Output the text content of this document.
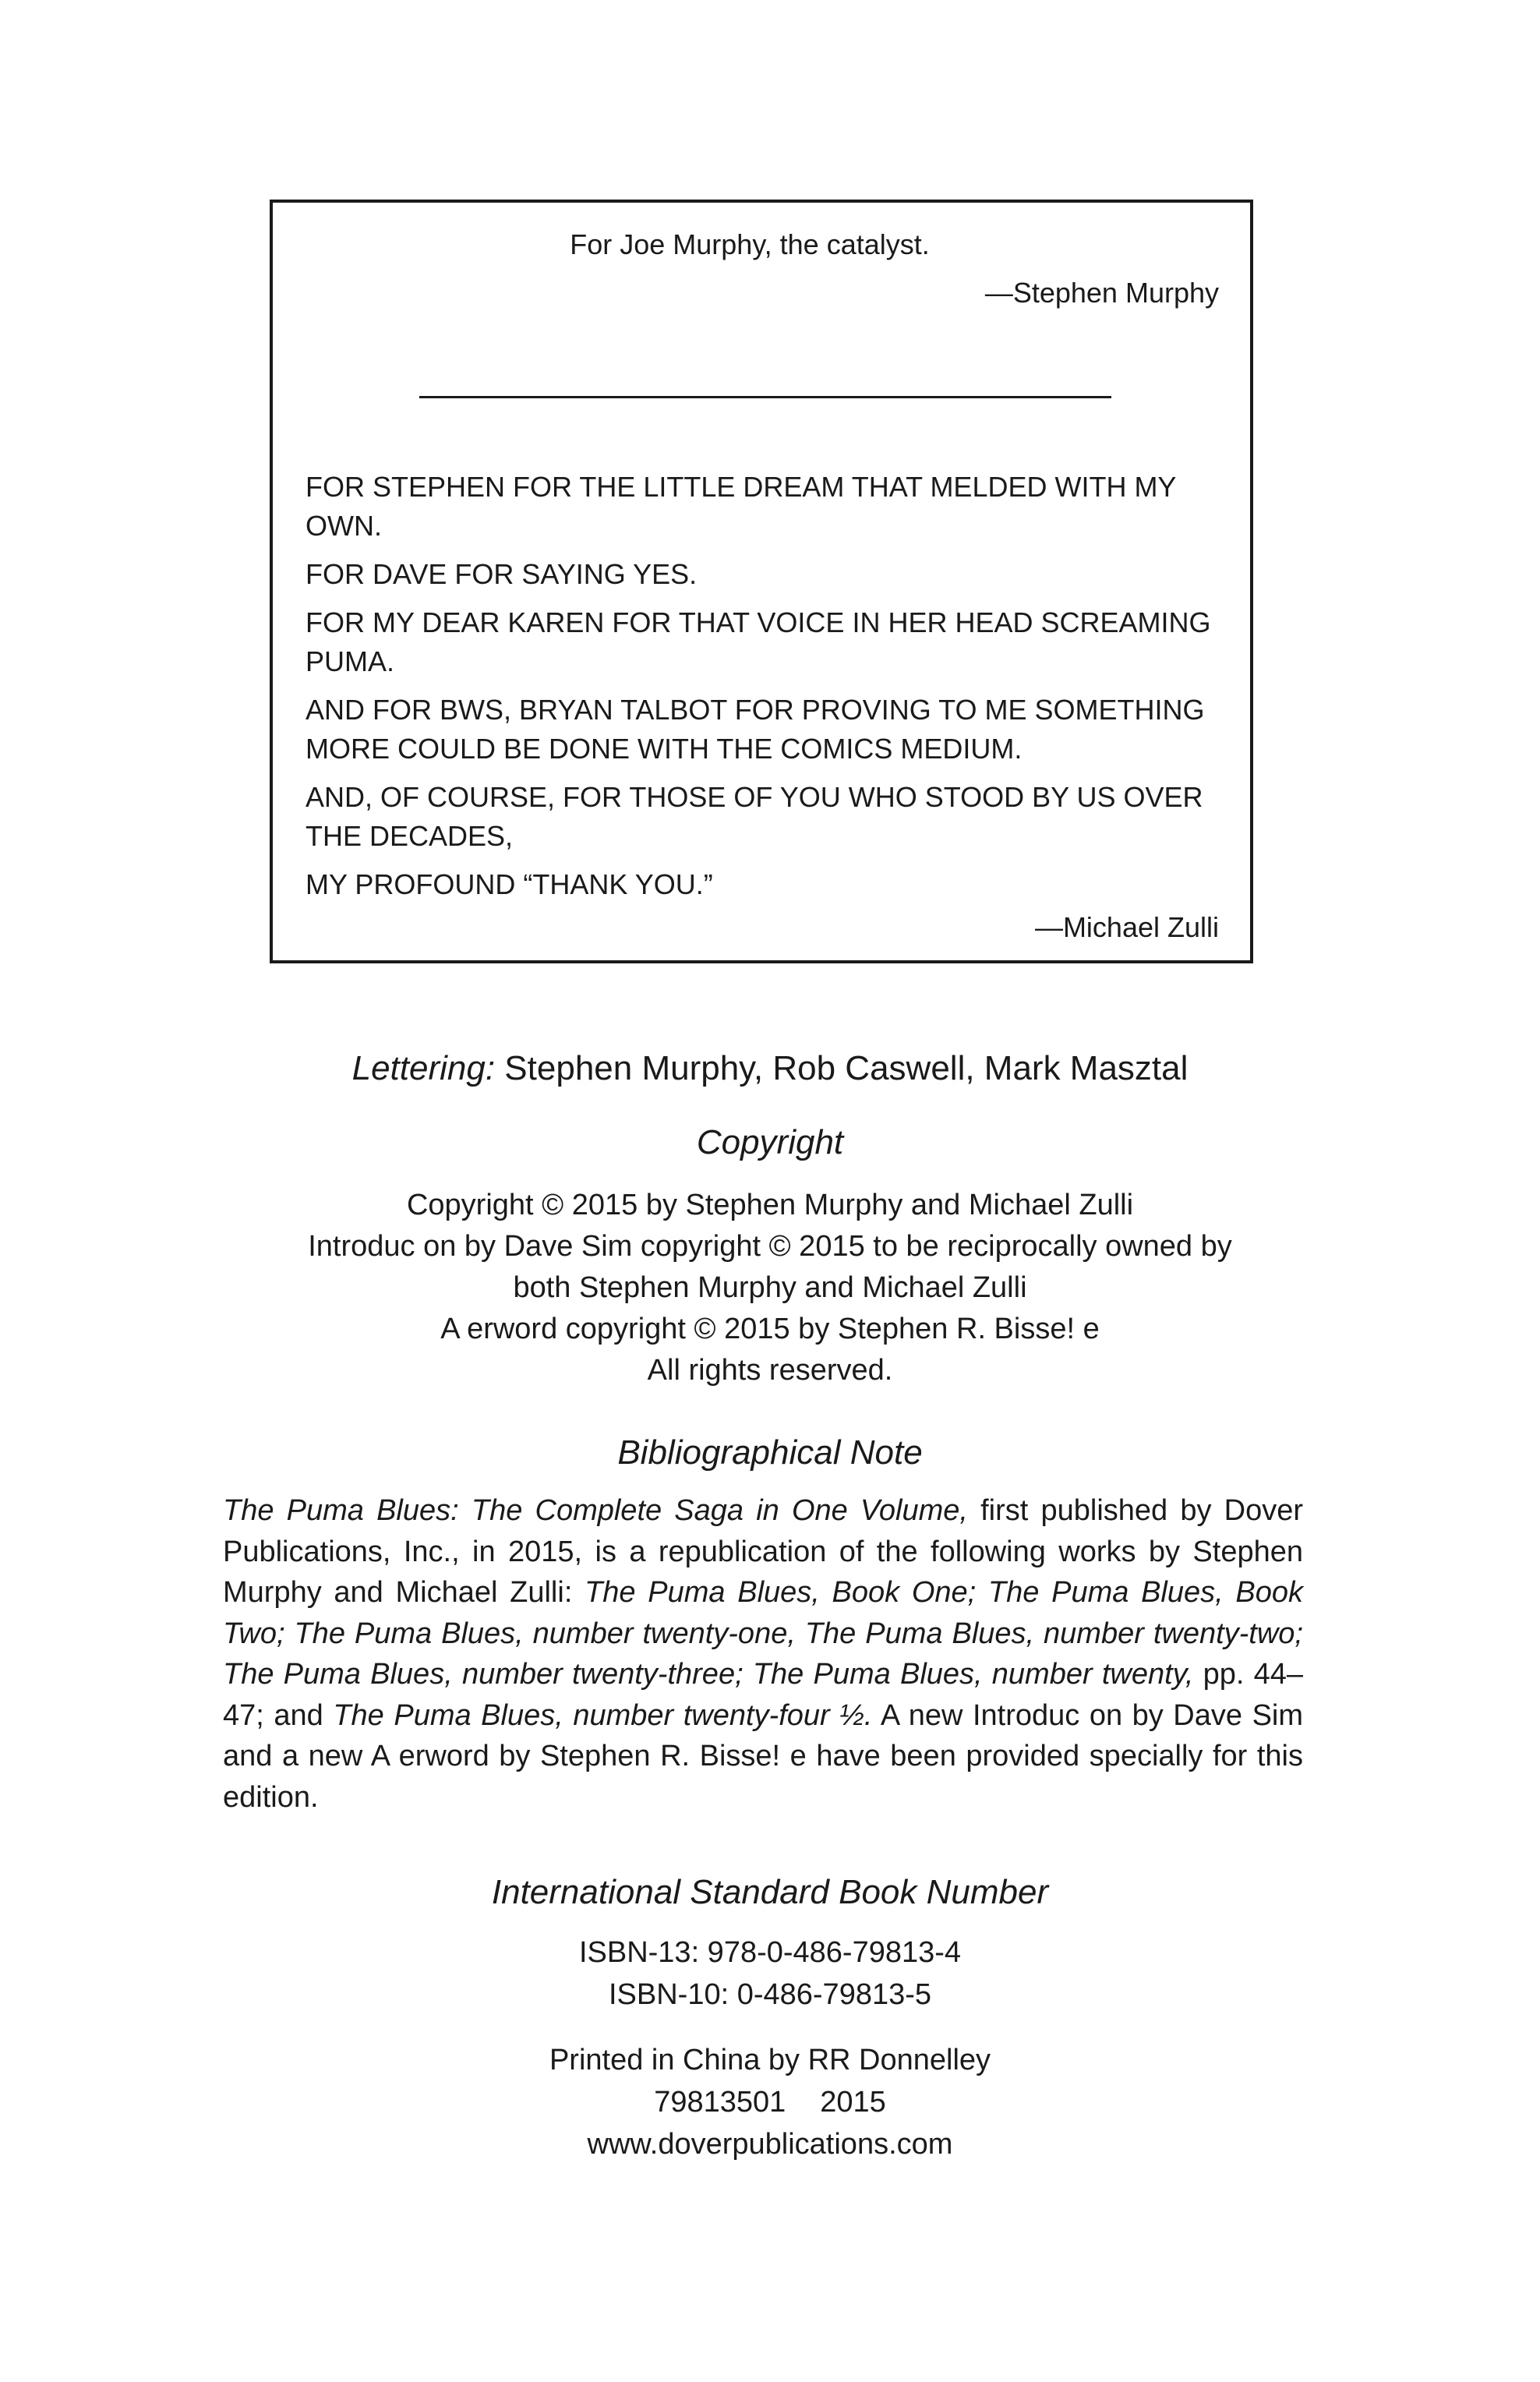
For Joe Murphy, the catalyst.

—Stephen Murphy

FOR STEPHEN FOR THE LITTLE DREAM THAT MELDED WITH MY OWN.

FOR DAVE FOR SAYING YES.

FOR MY DEAR KAREN FOR THAT VOICE IN HER HEAD SCREAMING PUMA.

AND FOR BWS, BRYAN TALBOT FOR PROVING TO ME SOMETHING MORE COULD BE DONE WITH THE COMICS MEDIUM.

AND, OF COURSE, FOR THOSE OF YOU WHO STOOD BY US OVER THE DECADES,

MY PROFOUND “THANK YOU.”

—Michael Zulli

Lettering: Stephen Murphy, Rob Caswell, Mark Masztal
Copyright
Copyright © 2015 by Stephen Murphy and Michael Zulli
Introduc on by Dave Sim copyright © 2015 to be reciprocally owned by
both Stephen Murphy and Michael Zulli
A erword copyright © 2015 by Stephen R. Bisse! e
All rights reserved.
Bibliographical Note

The Puma Blues: The Complete Saga in One Volume, first published by Dover Publications, Inc., in 2015, is a republication of the following works by Stephen Murphy and Michael Zulli: The Puma Blues, Book One; The Puma Blues, Book Two; The Puma Blues, number twenty-one, The Puma Blues, number twenty-two; The Puma Blues, number twenty-three; The Puma Blues, number twenty, pp. 44–47; and The Puma Blues, number twenty-four ½. A new Introduc on by Dave Sim and a new A erword by Stephen R. Bisse! e have been provided specially for this edition.

International Standard Book Number
ISBN-13: 978-0-486-79813-4
ISBN-10: 0-486-79813-5
Printed in China by RR Donnelley
79813501 2015
www.doverpublications.com
